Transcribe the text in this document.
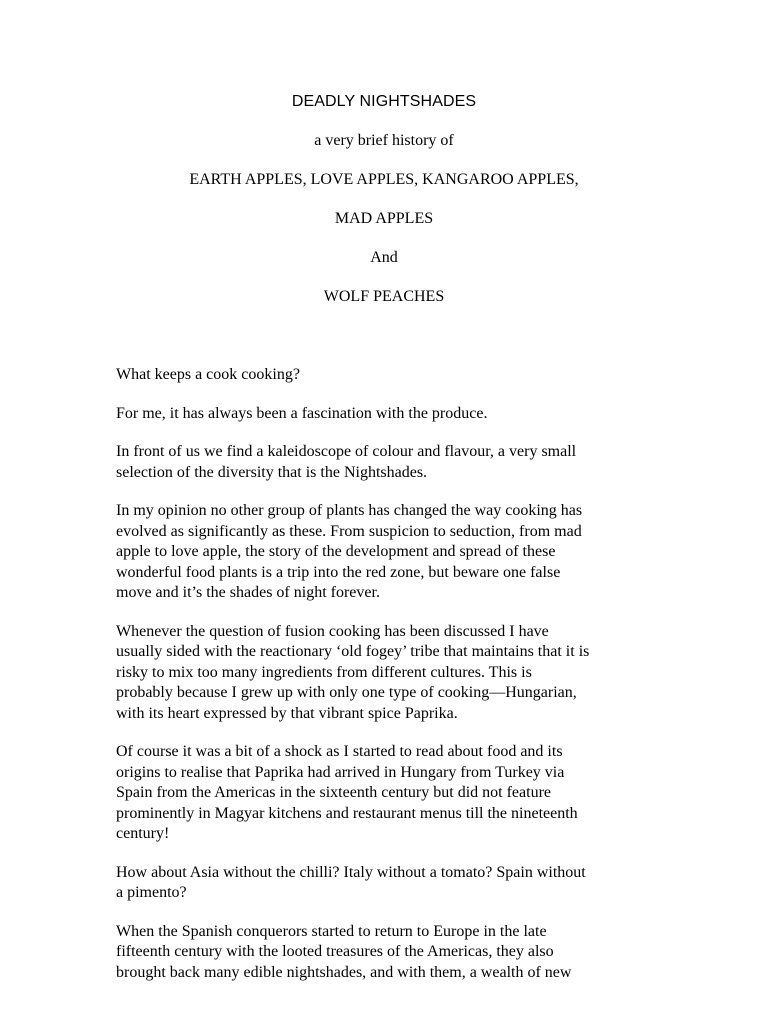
DEADLY NIGHTSHADES
a very brief history of
EARTH APPLES, LOVE APPLES, KANGAROO APPLES,
MAD APPLES
And
WOLF PEACHES

What keeps a cook cooking?

For me, it has always been a fascination with the produce.

In front of us we find a kaleidoscope of colour and flavour, a very small
selection of the diversity that is the Nightshades.

In my opinion no other group of plants has changed the way cooking has
evolved as significantly as these. From suspicion to seduction, from mad
apple to love apple, the story of the development and spread of these
wonderful food plants is a trip into the red zone, but beware one false
move and it’s the shades of night forever.

Whenever the question of fusion cooking has been discussed I have
usually sided with the reactionary ‘old fogey’ tribe that maintains that it is
risky to mix too many ingredients from different cultures. This is
probably because I grew up with only one type of cooking—Hungarian,
with its heart expressed by that vibrant spice Paprika.

Of course it was a bit of a shock as I started to read about food and its
origins to realise that Paprika had arrived in Hungary from Turkey via
Spain from the Americas in the sixteenth century but did not feature
prominently in Magyar kitchens and restaurant menus till the nineteenth
century!

How about Asia without the chilli? Italy without a tomato? Spain without
a pimento?

When the Spanish conquerors started to return to Europe in the late
fifteenth century with the looted treasures of the Americas, they also
brought back many edible nightshades, and with them, a wealth of new
